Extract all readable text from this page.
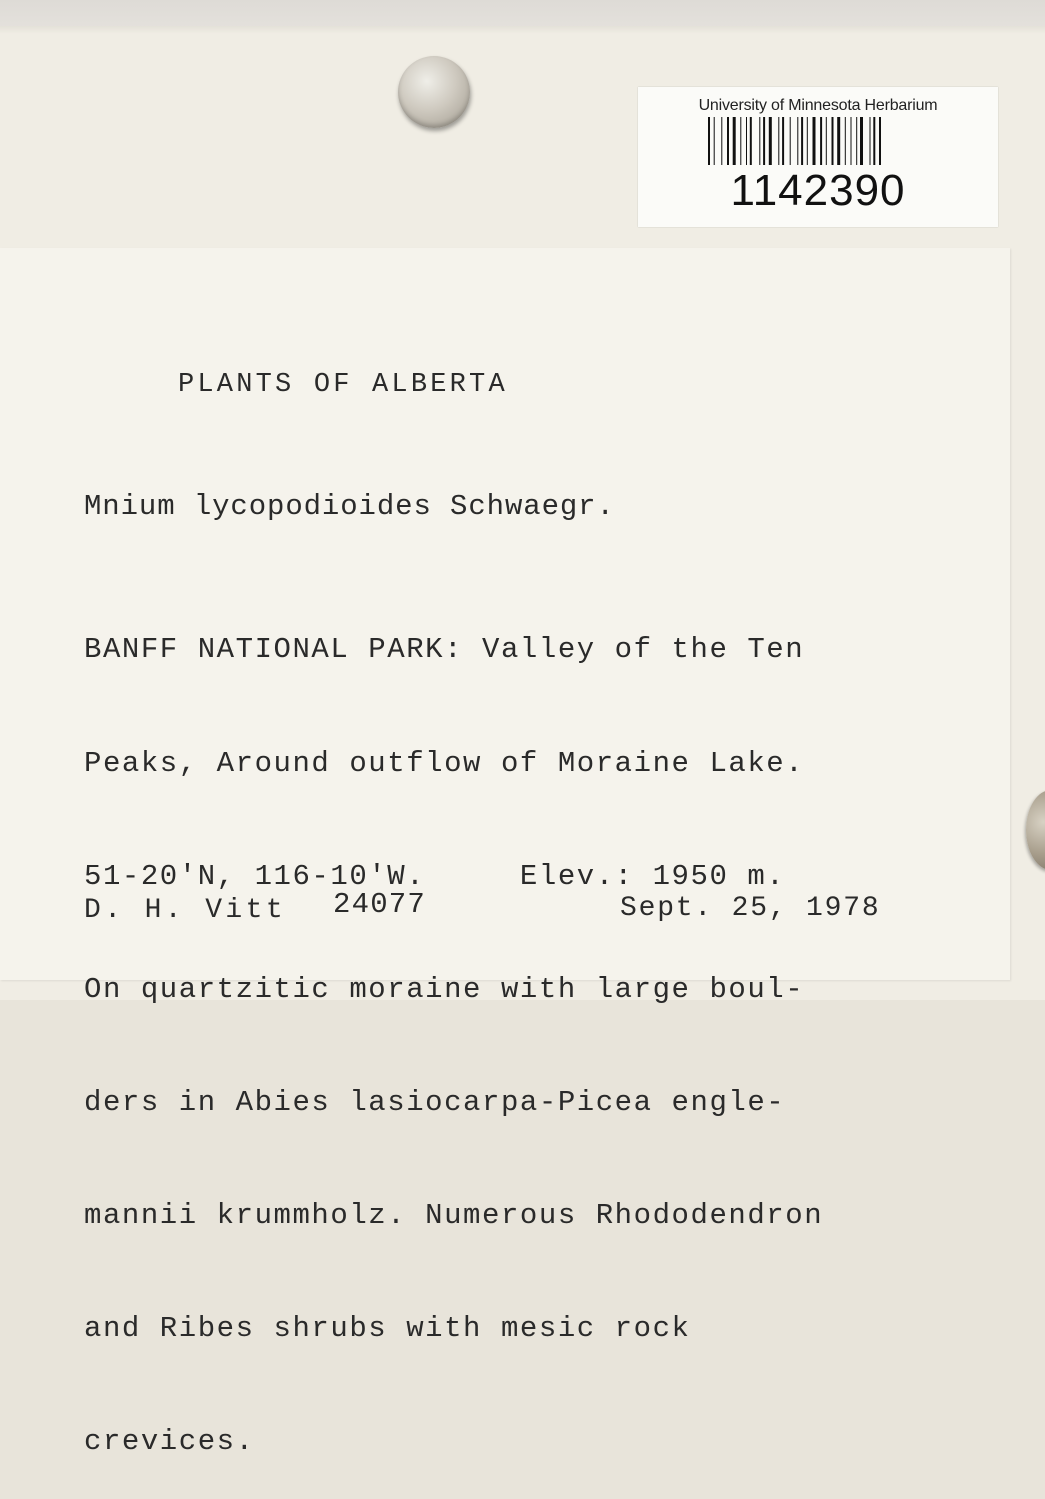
University of Minnesota Herbarium
1142390
PLANTS OF ALBERTA
Mnium lycopodioides Schwaegr.

BANFF NATIONAL PARK: Valley of the Ten

Peaks, Around outflow of Moraine Lake.

51-20'N, 116-10'W.     Elev.: 1950 m.

On quartzitic moraine with large boul-

ders in Abies lasiocarpa-Picea engle-

mannii krummholz. Numerous Rhododendron

and Ribes shrubs with mesic rock

crevices.

D. H. Vitt 24077	Sept. 25, 1978
